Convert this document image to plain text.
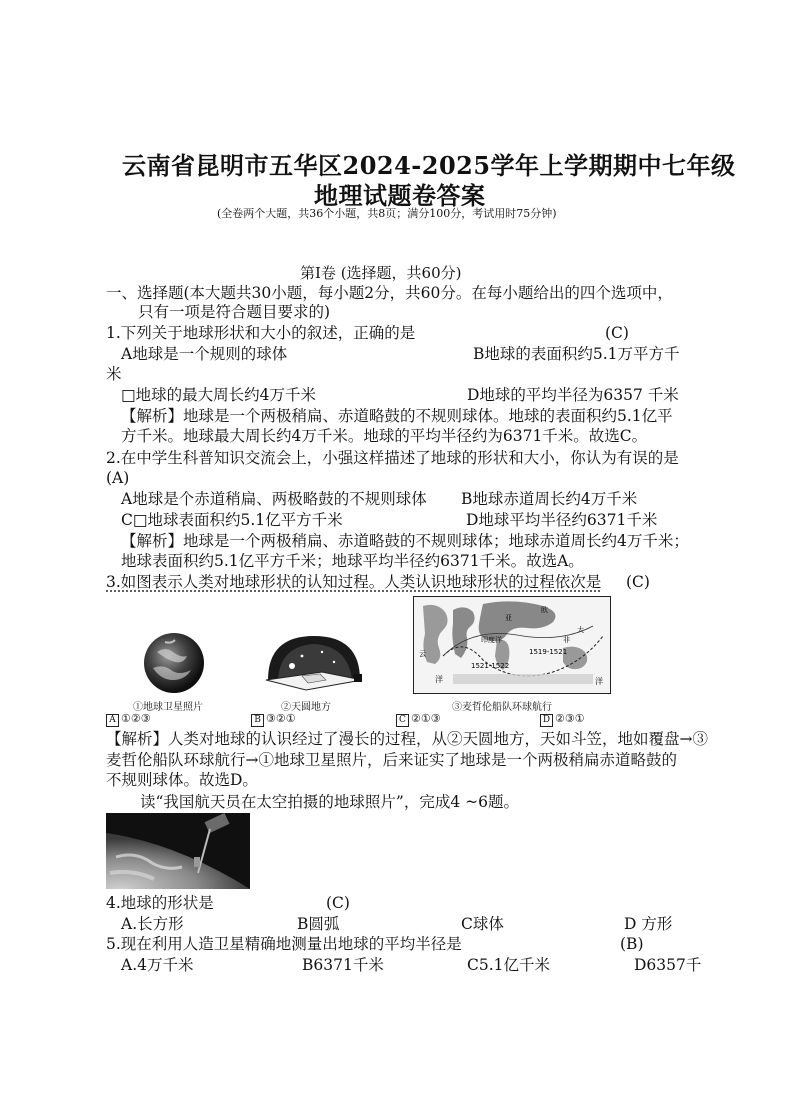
云南省昆明市五华区2024-2025学年上学期期中七年级
地理试题卷答案
(全卷两个大题，共36个小题，共8页；满分100分，考试用时75分钟)
第Ⅰ卷 (选择题，共60分)
一、选择题(本大题共30小题，每小题2分，共60分。在每小题给出的四个选项中，
只有一项是符合题目要求的)
1.下列关于地球形状和大小的叙述，正确的是	(C)
A地球是一个规则的球体	B地球的表面积约5.1万平方千
米
□地球的最大周长约4万千米	D地球的平均半径为6357 千米
【解析】地球是一个两极稍扁、赤道略鼓的不规则球体。地球的表面积约5.1亿平
方千米。地球最大周长约4万千米。地球的平均半径约为6371千米。故选C。
2.在中学生科普知识交流会上，小强这样描述了地球的形状和大小，你认为有误的是
(A)
A地球是个赤道稍扁、两极略鼓的不规则球体 B地球赤道周长约4万千米
C□地球表面积约5.1亿平方千米	D地球平均半径约6371千米
【解析】地球是一个两极稍扁、赤道略鼓的不规则球体；地球赤道周长约4万千米；
地球表面积约5.1亿平方千米；地球平均半径约6371千米。故选A。
3.如图表示人类对地球形状的认知过程。人类认识地球形状的过程依次是 (C)
①地球卫星照片	②天圆地方
云
印度洋
1521-1522
1519-1521
亚
欧
非
大
洋	洋
③麦哲伦船队环球航行
A ①②③	B ③②①	C ②①③	D ②③①
【解析】人类对地球的认识经过了漫长的过程，从②天圆地方，天如斗笠，地如覆盘→③
麦哲伦船队环球航行→①地球卫星照片，后来证实了地球是一个两极稍扁赤道略鼓的
不规则球体。故选D。
读“我国航天员在太空拍摄的地球照片”，完成4 ~6题。
4.地球的形状是	(C)
A.长方形	B圆弧	C球体	D 方形
5.现在利用人造卫星精确地测量出地球的平均半径是	(B)
A.4万千米	B6371千米	C5.1亿千米	D6357千
